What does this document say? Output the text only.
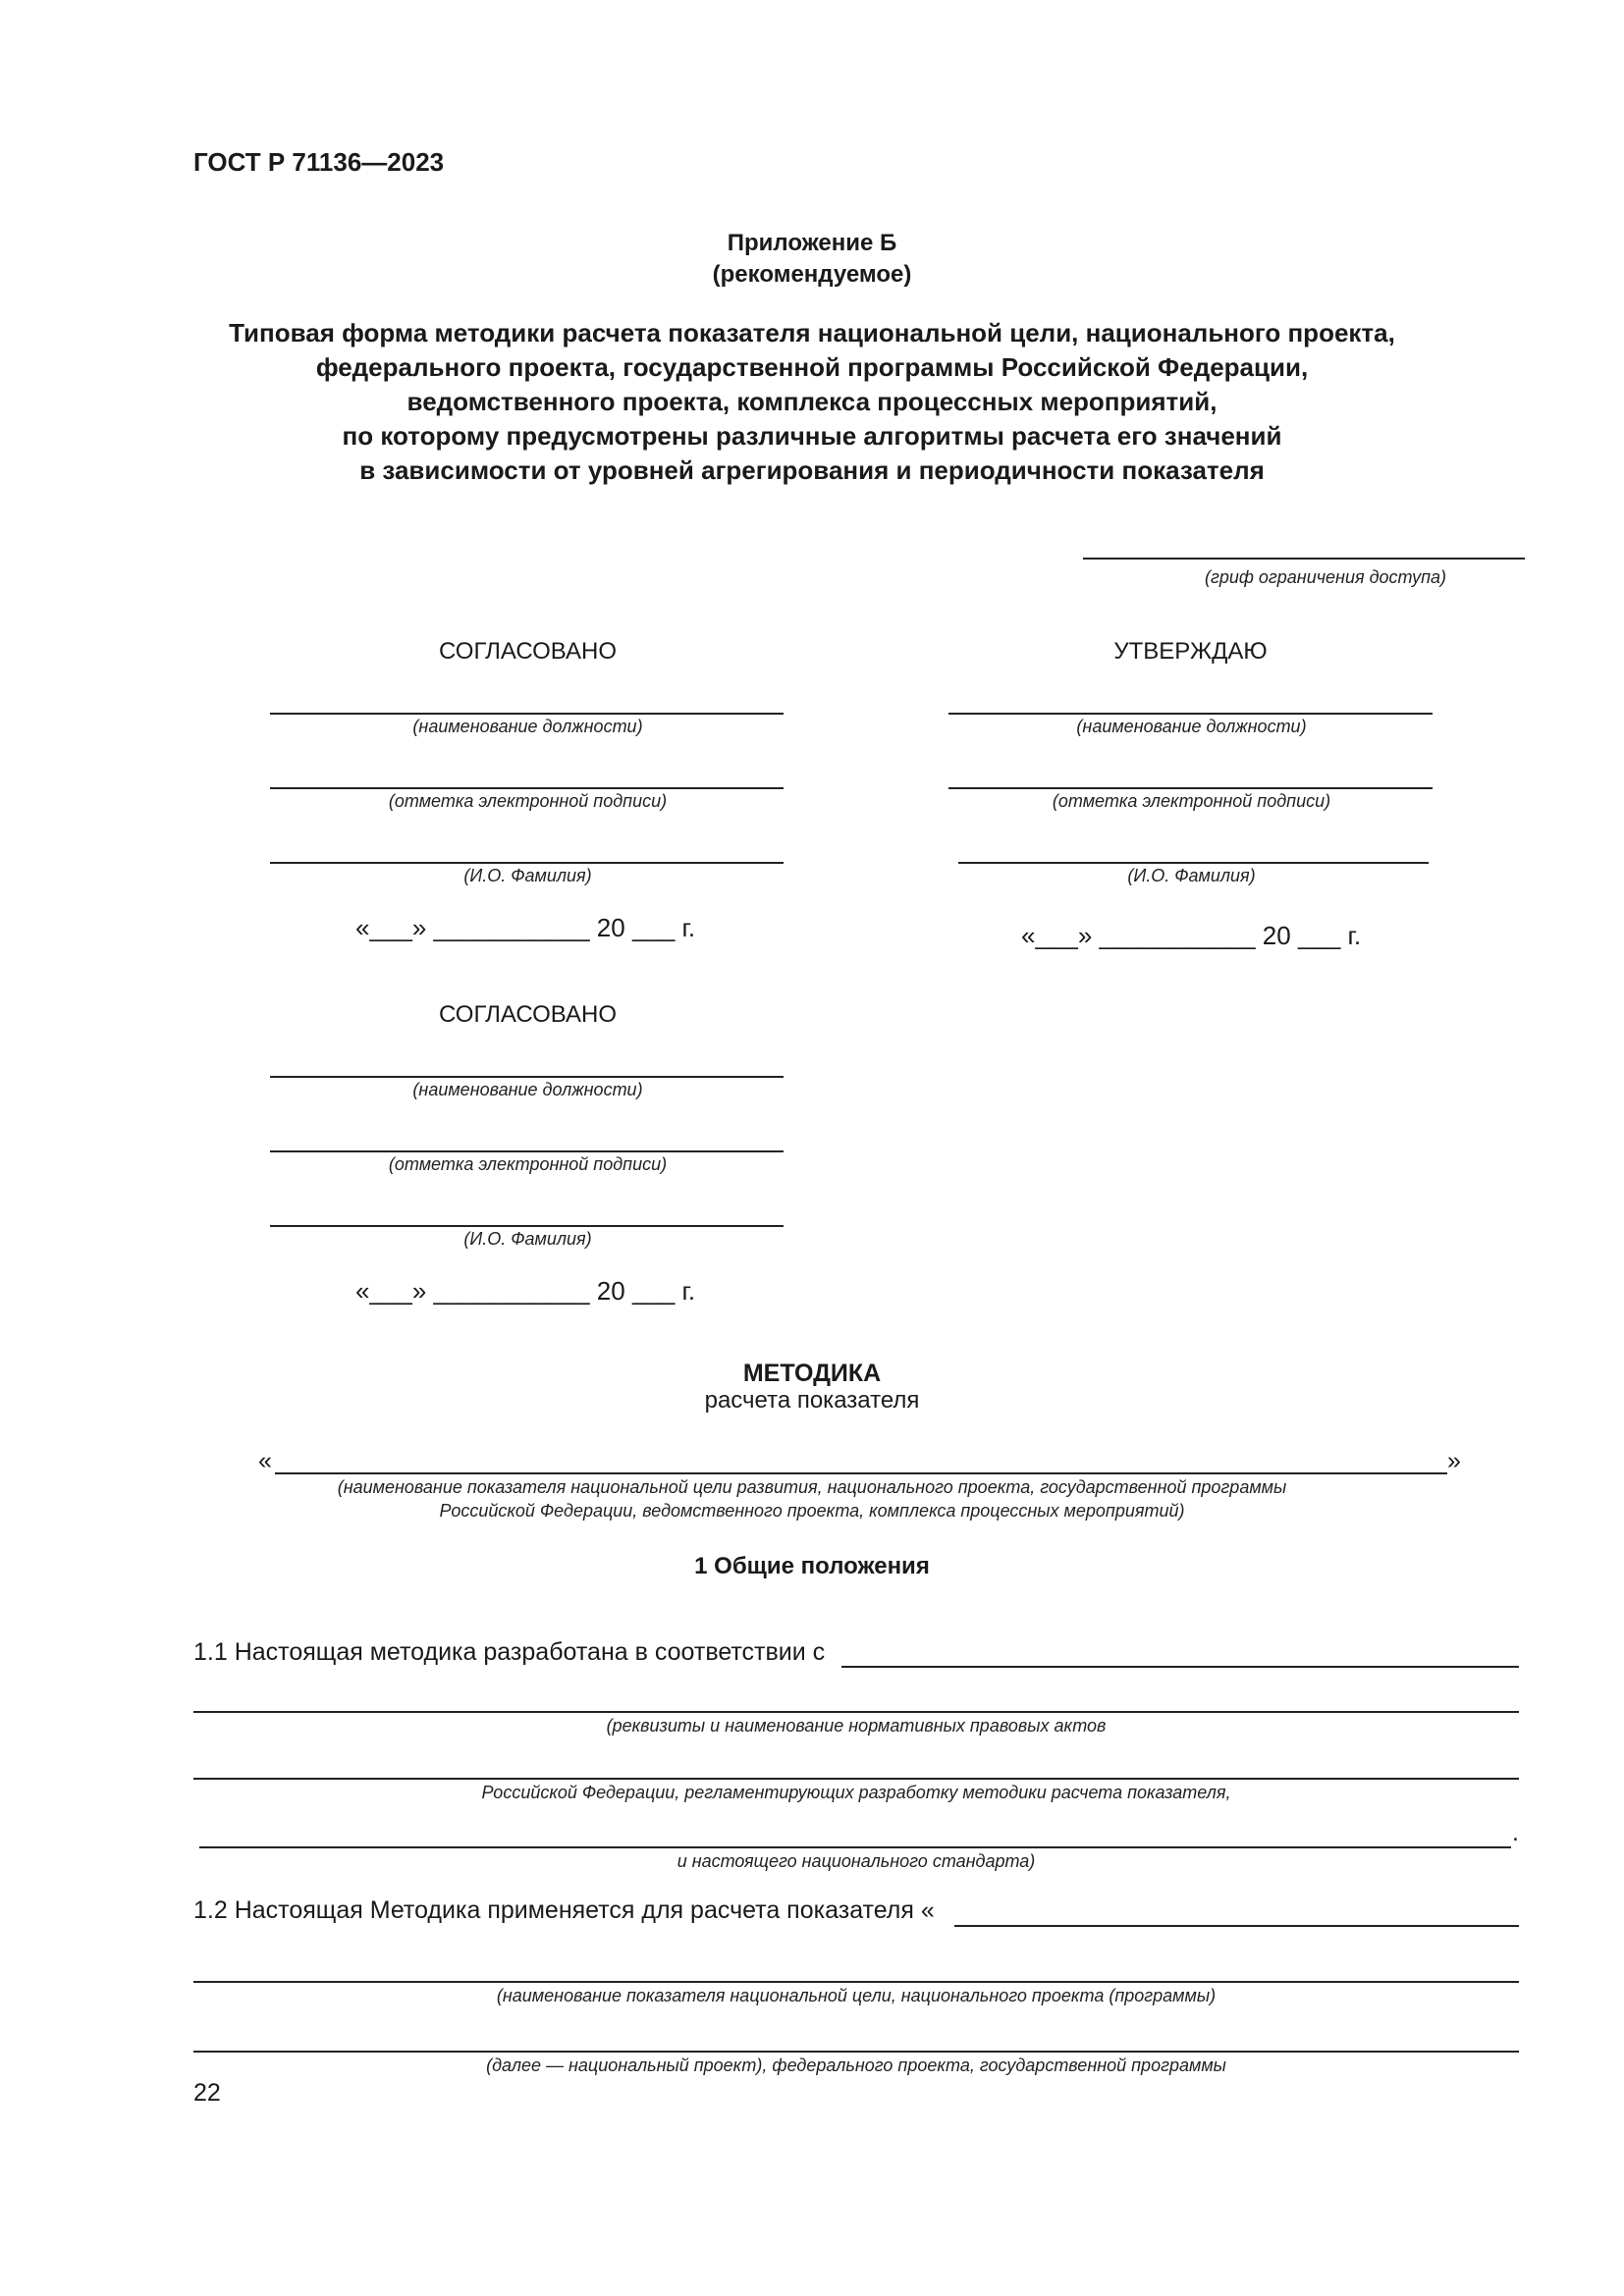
ГОСТ Р 71136—2023
Приложение Б
(рекомендуемое)
Типовая форма методики расчета показателя национальной цели, национального проекта,
федерального проекта, государственной программы Российской Федерации,
ведомственного проекта, комплекса процессных мероприятий,
по которому предусмотрены различные алгоритмы расчета его значений
в зависимости от уровней агрегирования и периодичности показателя
(гриф ограничения доступа)
СОГЛАСОВАНО
(наименование должности)
(отметка электронной подписи)
(И.О. Фамилия)
«___» ___________ 20 ___ г.
УТВЕРЖДАЮ
(наименование должности)
(отметка электронной подписи)
(И.О. Фамилия)
«___» ___________ 20 ___ г.
СОГЛАСОВАНО
(наименование должности)
(отметка электронной подписи)
(И.О. Фамилия)
«___» ___________ 20 ___ г.
МЕТОДИКА
расчета показателя
«	»
(наименование показателя национальной цели развития, национального проекта, государственной программы
Российской Федерации, ведомственного проекта, комплекса процессных мероприятий)
1 Общие положения
1.1 Настоящая методика разработана в соответствии с
(реквизиты и наименование нормативных правовых актов
Российской Федерации, регламентирующих разработку методики расчета показателя,
.
и настоящего национального стандарта)
1.2 Настоящая Методика применяется для расчета показателя «
(наименование показателя национальной цели, национального проекта (программы)
(далее — национальный проект), федерального проекта, государственной программы
22
